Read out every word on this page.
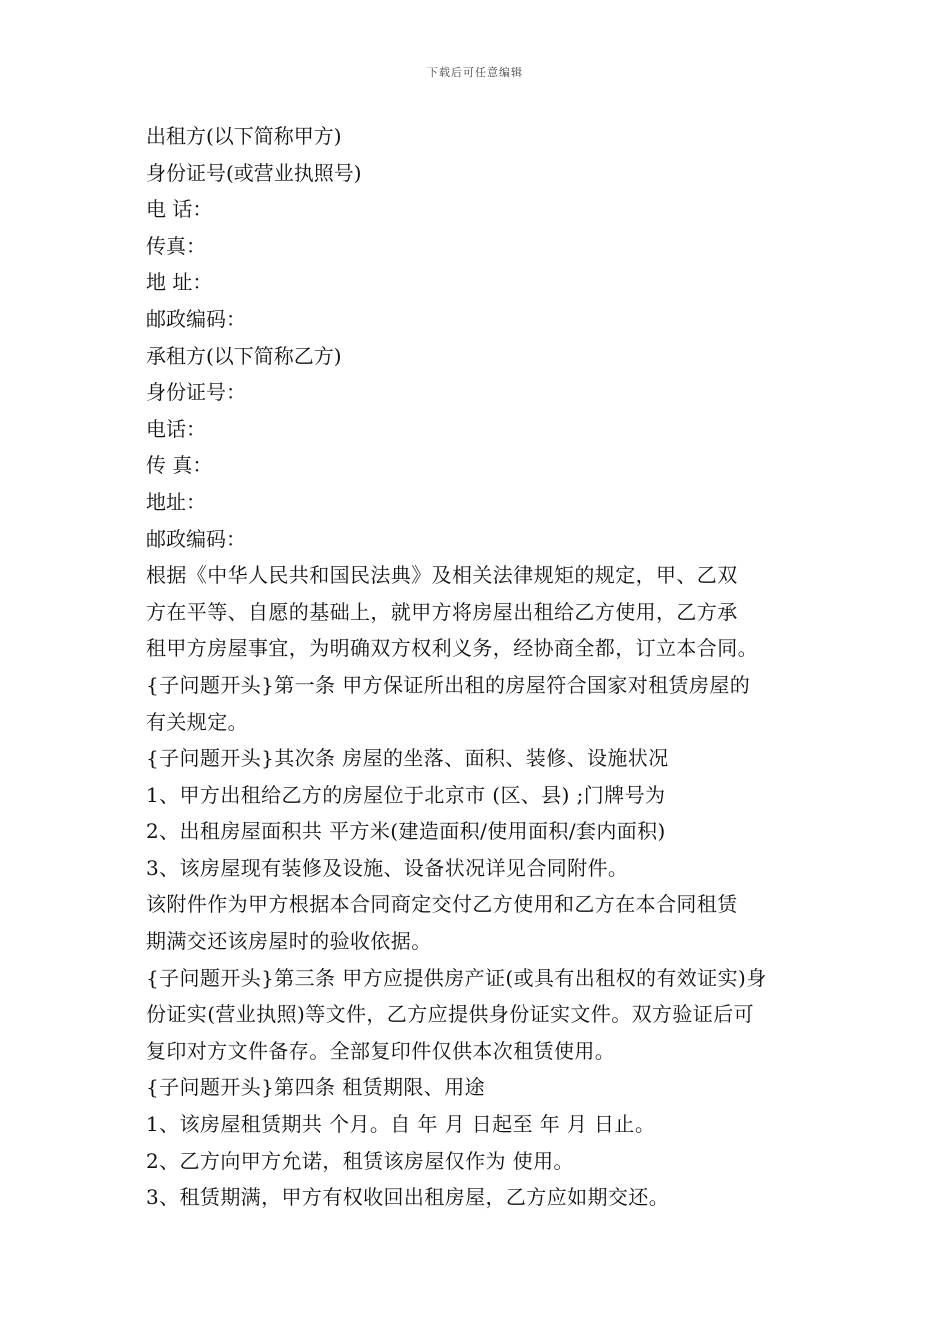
下载后可任意编辑
出租方(以下简称甲方)
身份证号(或营业执照号)
电 话：
传真：
地 址：
邮政编码：
承租方(以下简称乙方)
身份证号：
电话：
传 真：
地址：
邮政编码：
根据《中华人民共和国民法典》及相关法律规矩的规定，甲、乙双
方在平等、自愿的基础上，就甲方将房屋出租给乙方使用，乙方承
租甲方房屋事宜，为明确双方权利义务，经协商全都，订立本合同。
{子问题开头}第一条 甲方保证所出租的房屋符合国家对租赁房屋的
有关规定。
{子问题开头}其次条 房屋的坐落、面积、装修、设施状况
1、甲方出租给乙方的房屋位于北京市 (区、县) ;门牌号为
2、出租房屋面积共 平方米(建造面积/使用面积/套内面积)
3、该房屋现有装修及设施、设备状况详见合同附件。
该附件作为甲方根据本合同商定交付乙方使用和乙方在本合同租赁
期满交还该房屋时的验收依据。
{子问题开头}第三条 甲方应提供房产证(或具有出租权的有效证实)身
份证实(营业执照)等文件，乙方应提供身份证实文件。双方验证后可
复印对方文件备存。全部复印件仅供本次租赁使用。
{子问题开头}第四条 租赁期限、用途
1、该房屋租赁期共 个月。自 年 月 日起至 年 月 日止。
2、乙方向甲方允诺，租赁该房屋仅作为 使用。
3、租赁期满，甲方有权收回出租房屋，乙方应如期交还。
